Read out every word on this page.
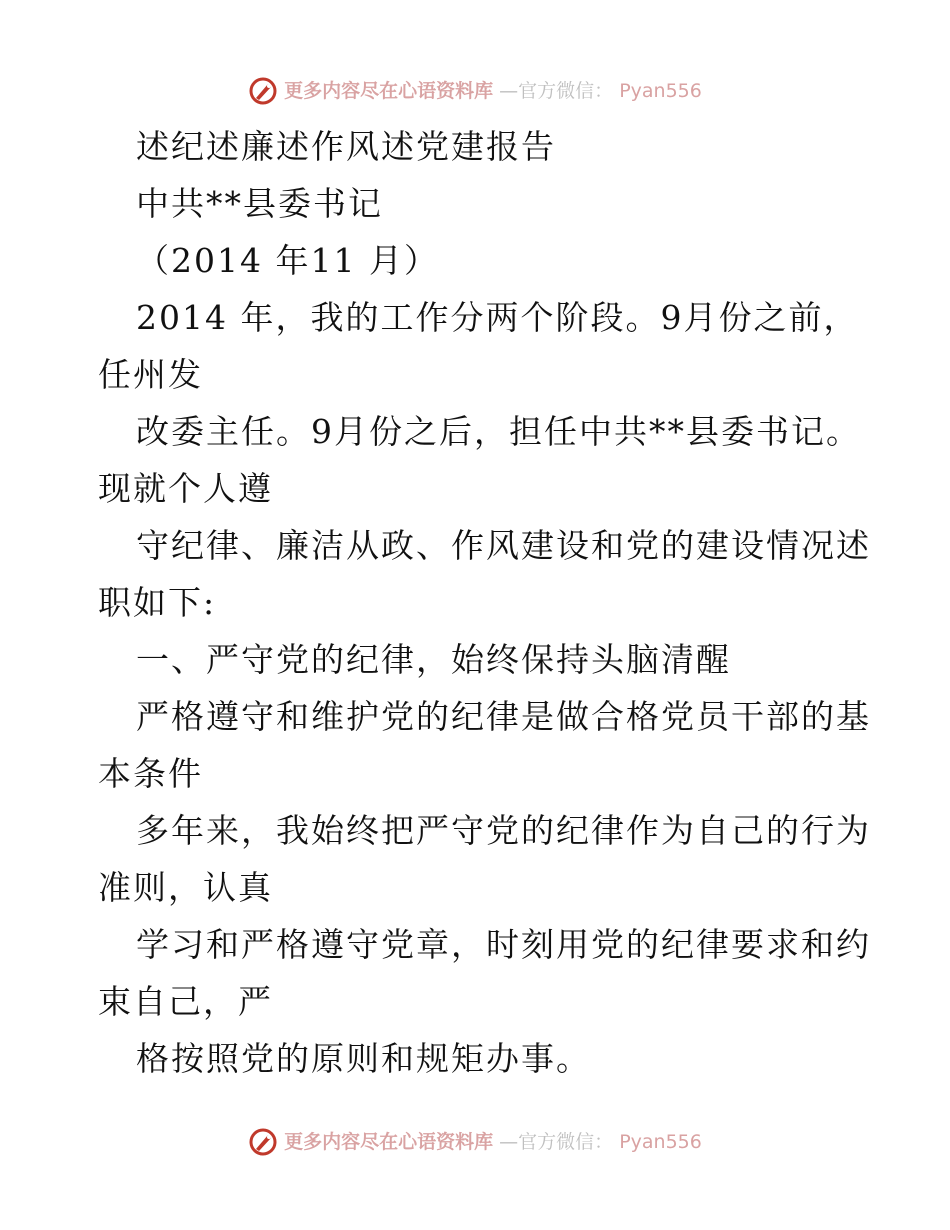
更多内容尽在心语资料库 —官方微信： Pyan556
述纪述廉述作风述党建报告
中共**县委书记
（2014 年11 月）
2014 年，我的工作分两个阶段。9月份之前，
任州发
改委主任。9月份之后，担任中共**县委书记。
现就个人遵
守纪律、廉洁从政、作风建设和党的建设情况述
职如下:
一、严守党的纪律，始终保持头脑清醒
严格遵守和维护党的纪律是做合格党员干部的基
本条件
多年来，我始终把严守党的纪律作为自己的行为
准则，认真
学习和严格遵守党章，时刻用党的纪律要求和约
束自己，严
格按照党的原则和规矩办事。
更多内容尽在心语资料库 —官方微信： Pyan556
